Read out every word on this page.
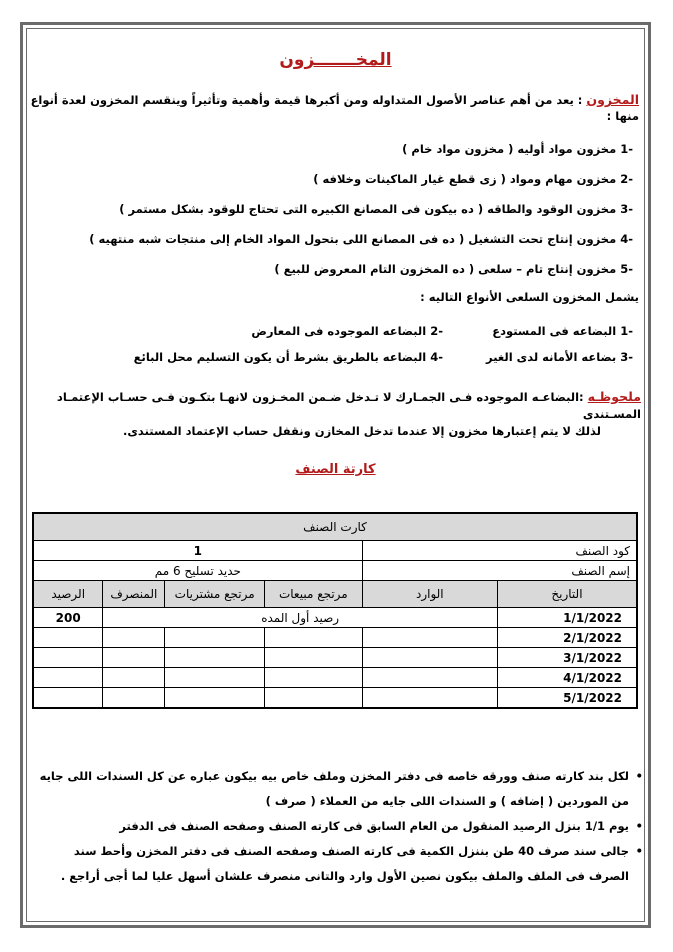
المخـــــــزون
المخزون : يعد من أهم عناصر الأصول المتداوله ومن أكبرها قيمة وأهمية وتأثيراً وينقسم المخزون لعدة أنواع منها :
-1 مخزون مواد أوليه ( مخزون مواد خام )
-2 مخزون مهام ومواد ( زى قطع غيار الماكينات وخلافه )
-3 مخزون الوقود والطاقه ( ده بيكون فى المصانع الكبيره التى تحتاج للوقود بشكل مستمر )
-4 مخزون إنتاج تحت التشغيل ( ده فى المصانع اللى بتحول المواد الخام إلى منتجات شبه منتهيه )
-5 مخزون إنتاج تام – سلعى ( ده المخزون التام المعروض للبيع )
يشمل المخزون السلعى الأنواع التاليه :
-1 البضاعه فى المستودع-2 البضاعه الموجوده فى المعارض
-3 بضاعه الأمانه لدى الغير-4 البضاعه بالطريق بشرط أن يكون التسليم محل البائع
ملحوظـه :البضاعـه الموجوده فـى الجمـارك لا تـدخل ضـمن المخـزون لانهـا بتكـون فـى حسـاب الإعتمـاد المسـتندى
لذلك لا يتم إعتبارها مخزون إلا عندما تدخل المخازن ونقفل حساب الإعتماد المستندى.
كارتة الصنف
كارت الصنف					
كود الصنف		1			
إسم الصنف		حديد تسليح 6 مم			
التاريخ	الوارد	مرتجع مبيعات	مرتجع مشتريات	المنصرف	الرصيد
1/1/2022	رصيد أول المده				200
2/1/2022					
3/1/2022					
4/1/2022					
5/1/2022					
• لكل بند كارته صنف وورقه خاصه فى دفتر المخزن وملف خاص بيه بيكون عباره عن كل السندات اللى جايه من الموردين ( إضافه ) و السندات اللى جايه من العملاء ( صرف )
• يوم 1/1 بنزل الرصيد المنقول من العام السابق فى كارته الصنف وصفحه الصنف فى الدفتر
• جالى سند صرف 40 طن بننزل الكمية فى كارته الصنف وصفحه الصنف فى دفتر المخزن وأحط سند الصرف فى الملف والملف بيكون نصين الأول وارد والتانى منصرف علشان أسهل عليا لما أجى أراجع .
